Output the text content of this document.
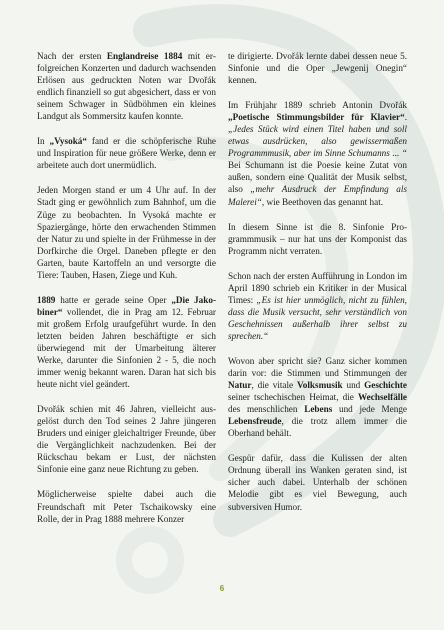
Nach der ersten Englandreise 1884 mit erfolgreichen Konzerten und dadurch wachsenden Erlösen aus gedruckten Noten war Dvořák endlich finanziell so gut abgesichert, dass er von seinem Schwager in Südböhmen ein kleines Landgut als Sommersitz kaufen konnte.

In „Vysoká“ fand er die schöpferische Ruhe und Inspiration für neue größere Werke, denn er arbeitete auch dort unermüdlich.

Jeden Morgen stand er um 4 Uhr auf. In der Stadt ging er gewöhnlich zum Bahnhof, um die Züge zu beobachten. In Vysoká machte er Spaziergänge, hörte den erwachenden Stimmen der Natur zu und spielte in der Frühmesse in der Dorfkirche die Orgel. Daneben pflegte er den Garten, baute Kartoffeln an und versorgte die Tiere: Tauben, Hasen, Ziege und Kuh.

1889 hatte er gerade seine Oper „Die Jakobiner“ vollendet, die in Prag am 12. Februar mit großem Erfolg uraufgeführt wurde. In den letzten beiden Jahren beschäftigte er sich überwiegend mit der Umarbeitung älterer Werke, darunter die Sinfonien 2 - 5, die noch immer wenig bekannt waren. Daran hat sich bis heute nicht viel geändert.

Dvořák schien mit 46 Jahren, vielleicht ausgelöst durch den Tod seines 2 Jahre jüngeren Bruders und einiger gleichaltriger Freunde, über die Vergänglichkeit nachzudenken. Bei der Rückschau bekam er Lust, der nächsten Sinfonie eine ganz neue Richtung zu geben.

Möglicherweise spielte dabei auch die Freundschaft mit Peter Tschaikowsky eine Rolle, der in Prag 1888 mehrere Konzer

te dirigierte. Dvořák lernte dabei dessen neue 5. Sinfonie und die Oper „Jewgenij Onegin“ kennen.

Im Frühjahr 1889 schrieb Antonin Dvořák „Poetische Stimmungsbilder für Klavier“. „Jedes Stück wird einen Titel haben und soll etwas ausdrücken, also gewissermaßen Programmmusik, aber im Sinne Schumanns ... “ Bei Schumann ist die Poesie keine Zutat von außen, sondern eine Qualität der Musik selbst, also „mehr Ausdruck der Empfindung als Malerei“, wie Beethoven das genannt hat.

In diesem Sinne ist die 8. Sinfonie Programmmusik – nur hat uns der Komponist das Programm nicht verraten.

Schon nach der ersten Aufführung in London im April 1890 schrieb ein Kritiker in der Musical Times: „Es ist hier unmöglich, nicht zu fühlen, dass die Musik versucht, sehr verständlich von Geschehnissen außerhalb ihrer selbst zu sprechen.“

Wovon aber spricht sie? Ganz sicher kommen darin vor: die Stimmen und Stimmungen der Natur, die vitale Volksmusik und Geschichte seiner tschechischen Heimat, die Wechselfälle des menschlichen Lebens und jede Menge Lebensfreude, die trotz allem immer die Oberhand behält.

Gespür dafür, dass die Kulissen der alten Ordnung überall ins Wanken geraten sind, ist sicher auch dabei. Unterhalb der schönen Melodie gibt es viel Bewegung, auch subversiven Humor.

6
